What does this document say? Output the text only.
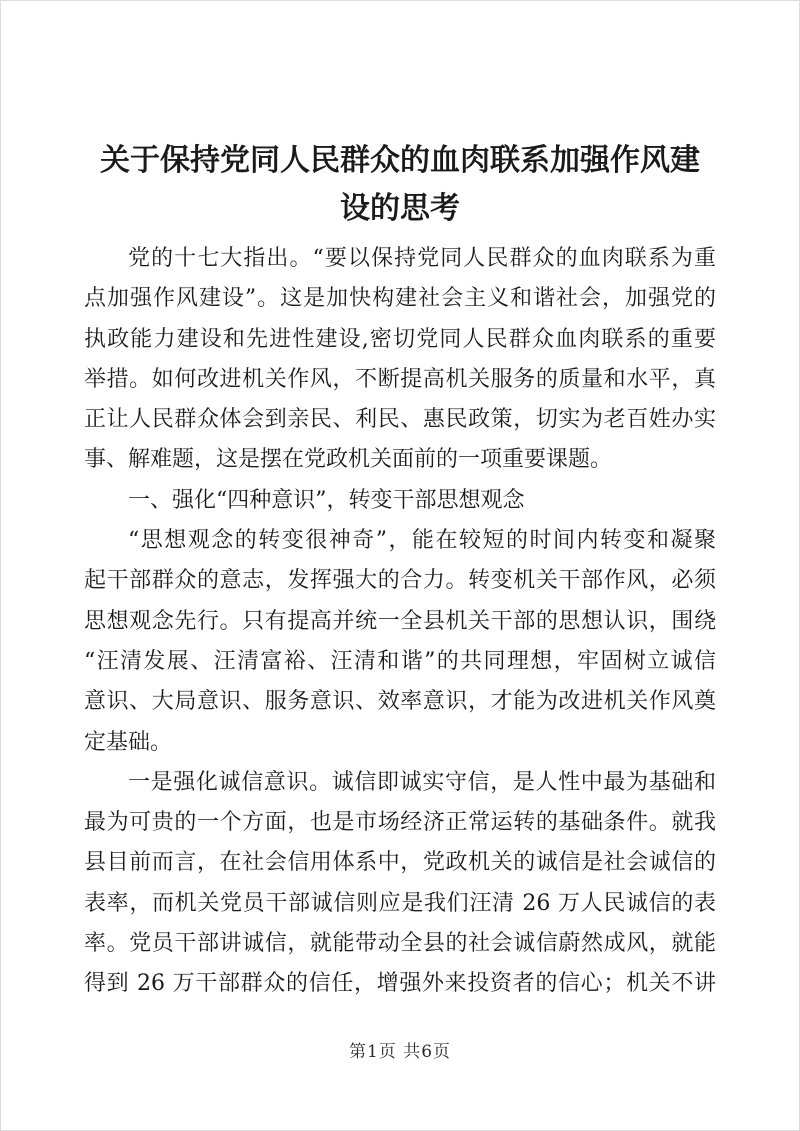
关于保持党同人民群众的血肉联系加强作风建设的思考
党的十七大指出。“要以保持党同人民群众的血肉联系为重
点加强作风建设”。这是加快构建社会主义和谐社会，加强党的
执政能力建设和先进性建设,密切党同人民群众血肉联系的重要
举措。如何改进机关作风，不断提高机关服务的质量和水平，真
正让人民群众体会到亲民、利民、惠民政策，切实为老百姓办实
事、解难题，这是摆在党政机关面前的一项重要课题。
一、强化“四种意识”，转变干部思想观念
“思想观念的转变很神奇”，能在较短的时间内转变和凝聚
起干部群众的意志，发挥强大的合力。转变机关干部作风，必须
思想观念先行。只有提高并统一全县机关干部的思想认识，围绕
“汪清发展、汪清富裕、汪清和谐”的共同理想，牢固树立诚信
意识、大局意识、服务意识、效率意识，才能为改进机关作风奠
定基础。
一是强化诚信意识。诚信即诚实守信，是人性中最为基础和
最为可贵的一个方面，也是市场经济正常运转的基础条件。就我
县目前而言，在社会信用体系中，党政机关的诚信是社会诚信的
表率，而机关党员干部诚信则应是我们汪清 26 万人民诚信的表
率。党员干部讲诚信，就能带动全县的社会诚信蔚然成风，就能
得到 26 万干部群众的信任，增强外来投资者的信心；机关不讲
第1页 共6页
